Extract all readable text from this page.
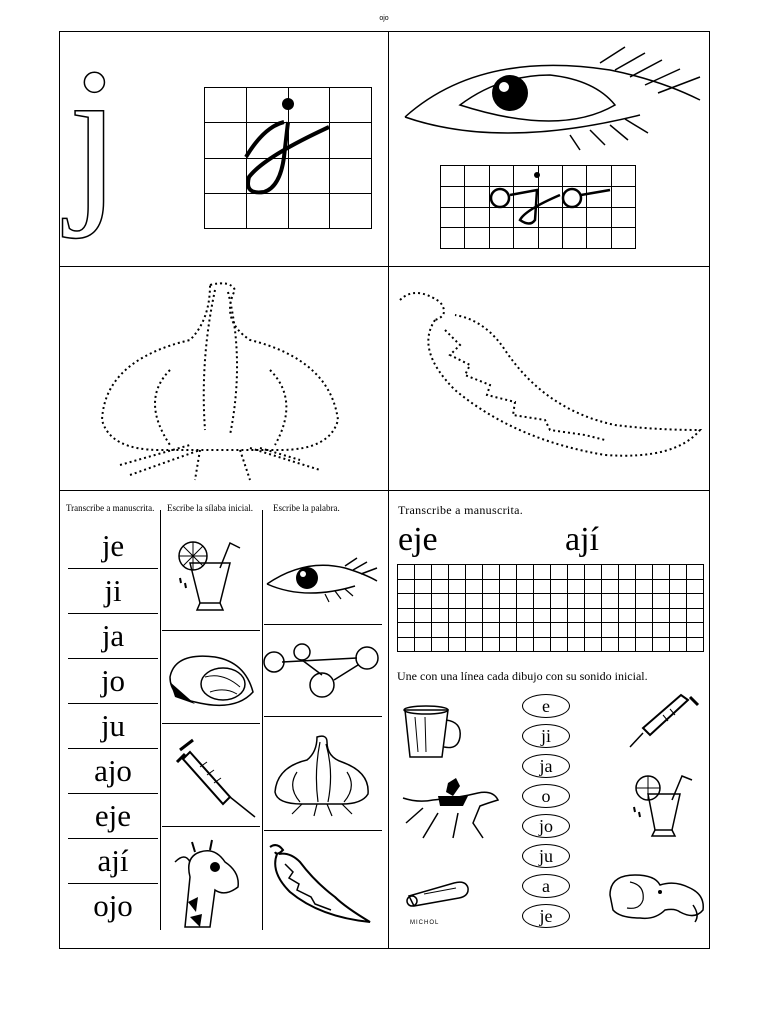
ojo
j

Transcribe a manuscrita.	Escribe la sílaba inicial.	Escribe la palabra.
je
ji
ja
jo
ju
ajo
eje
ají
ojo
Transcribe a manuscrita.
eje	ají

Une con una línea cada dibujo con su sonido inicial.
e
ji
ja
o
jo
ju
a
je
MICHOL
